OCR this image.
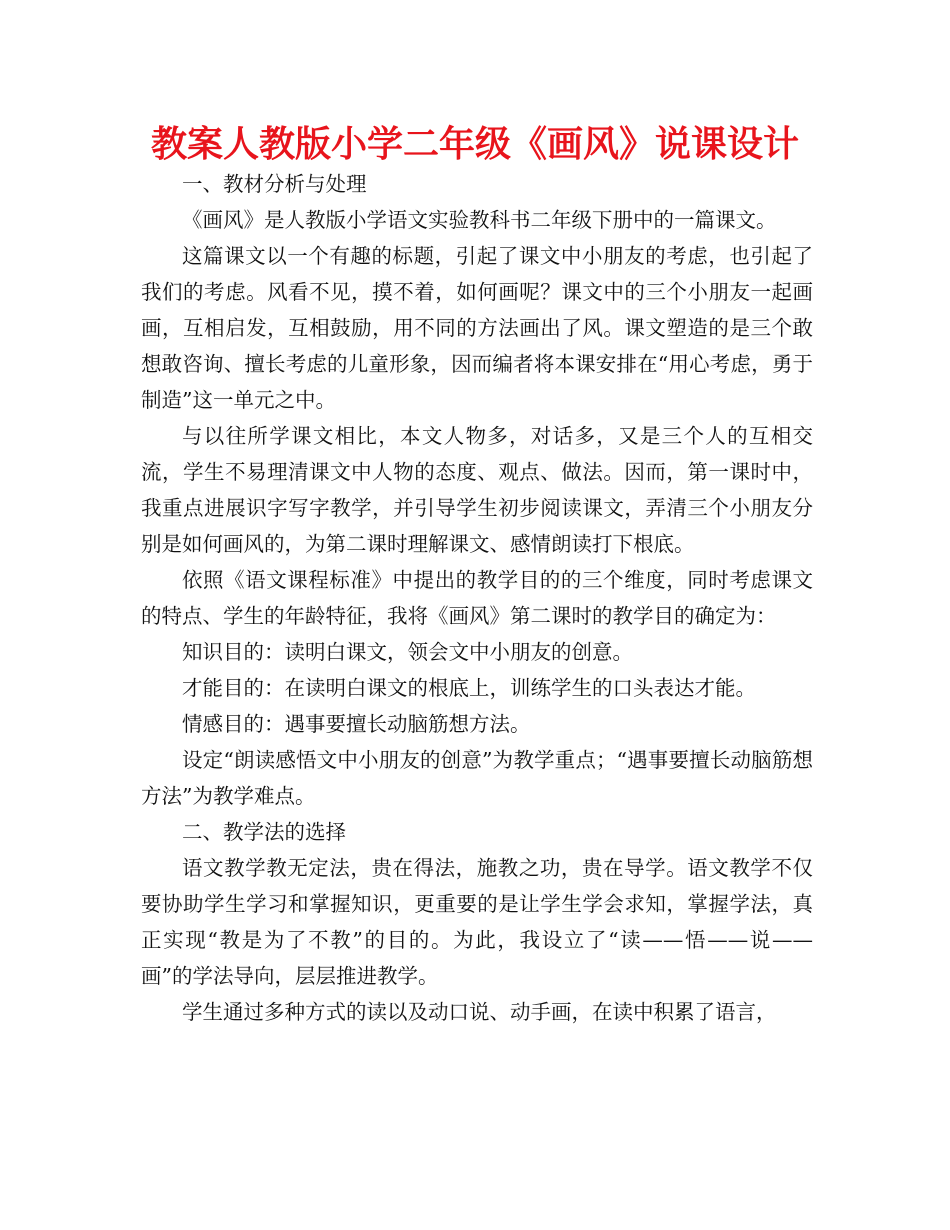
教案人教版小学二年级《画风》说课设计

一、教材分析与处理

《画风》是人教版小学语文实验教科书二年级下册中的一篇课文。

这篇课文以一个有趣的标题，引起了课文中小朋友的考虑，也引起了我们的考虑。风看不见，摸不着，如何画呢？课文中的三个小朋友一起画画，互相启发，互相鼓励，用不同的方法画出了风。课文塑造的是三个敢想敢咨询、擅长考虑的儿童形象，因而编者将本课安排在“用心考虑，勇于制造”这一单元之中。

与以往所学课文相比，本文人物多，对话多，又是三个人的互相交流，学生不易理清课文中人物的态度、观点、做法。因而，第一课时中，我重点进展识字写字教学，并引导学生初步阅读课文，弄清三个小朋友分别是如何画风的，为第二课时理解课文、感情朗读打下根底。

依照《语文课程标准》中提出的教学目的的三个维度，同时考虑课文的特点、学生的年龄特征，我将《画风》第二课时的教学目的确定为：

知识目的：读明白课文，领会文中小朋友的创意。

才能目的：在读明白课文的根底上，训练学生的口头表达才能。

情感目的：遇事要擅长动脑筋想方法。

设定“朗读感悟文中小朋友的创意”为教学重点；“遇事要擅长动脑筋想方法”为教学难点。

二、教学法的选择

语文教学教无定法，贵在得法，施教之功，贵在导学。语文教学不仅要协助学生学习和掌握知识，更重要的是让学生学会求知，掌握学法，真正实现“教是为了不教”的目的。为此，我设立了“读——悟——说——画”的学法导向，层层推进教学。

学生通过多种方式的读以及动口说、动手画，在读中积累了语言，
